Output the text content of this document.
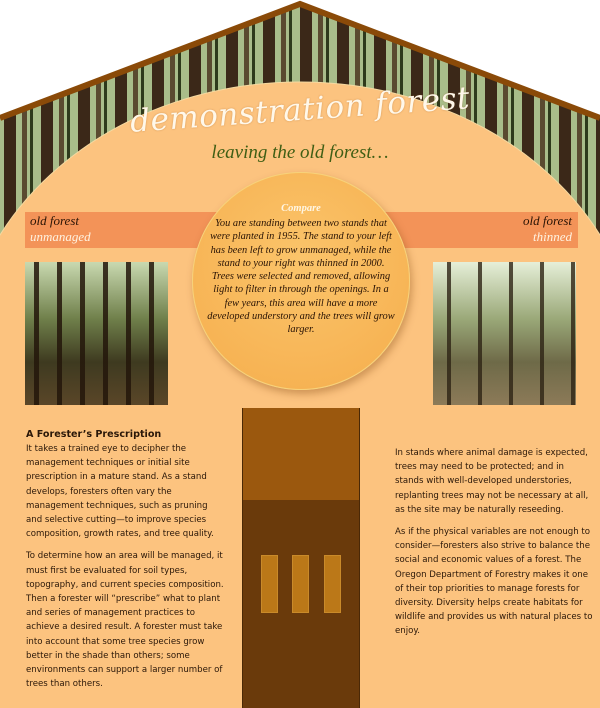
demonstration forest
leaving the old forest…
old forest
unmanaged
old forest
thinned
Compare
You are standing between two stands that were planted in 1955. The stand to your left has been left to grow unmanaged, while the stand to your right was thinned in 2000. Trees were selected and removed, allowing light to filter in through the openings. In a few years, this area will have a more developed understory and the trees will grow larger.
A Forester’s Prescription

It takes a trained eye to decipher the management techniques or initial site prescription in a mature stand. As a stand develops, foresters often vary the management techniques, such as pruning and selective cutting—to improve species composition, growth rates, and tree quality.

To determine how an area will be managed, it must first be evaluated for soil types, topography, and current species composition. Then a forester will “prescribe” what to plant and series of management practices to achieve a desired result. A forester must take into account that some tree species grow better in the shade than others; some environments can support a larger number of trees than others.

In stands where animal damage is expected, trees may need to be protected; and in stands with well-developed understories, replanting trees may not be necessary at all, as the site may be naturally reseeding.

As if the physical variables are not enough to consider—foresters also strive to balance the social and economic values of a forest. The Oregon Department of Forestry makes it one of their top priorities to manage forests for diversity. Diversity helps create habitats for wildlife and provides us with natural places to enjoy.
